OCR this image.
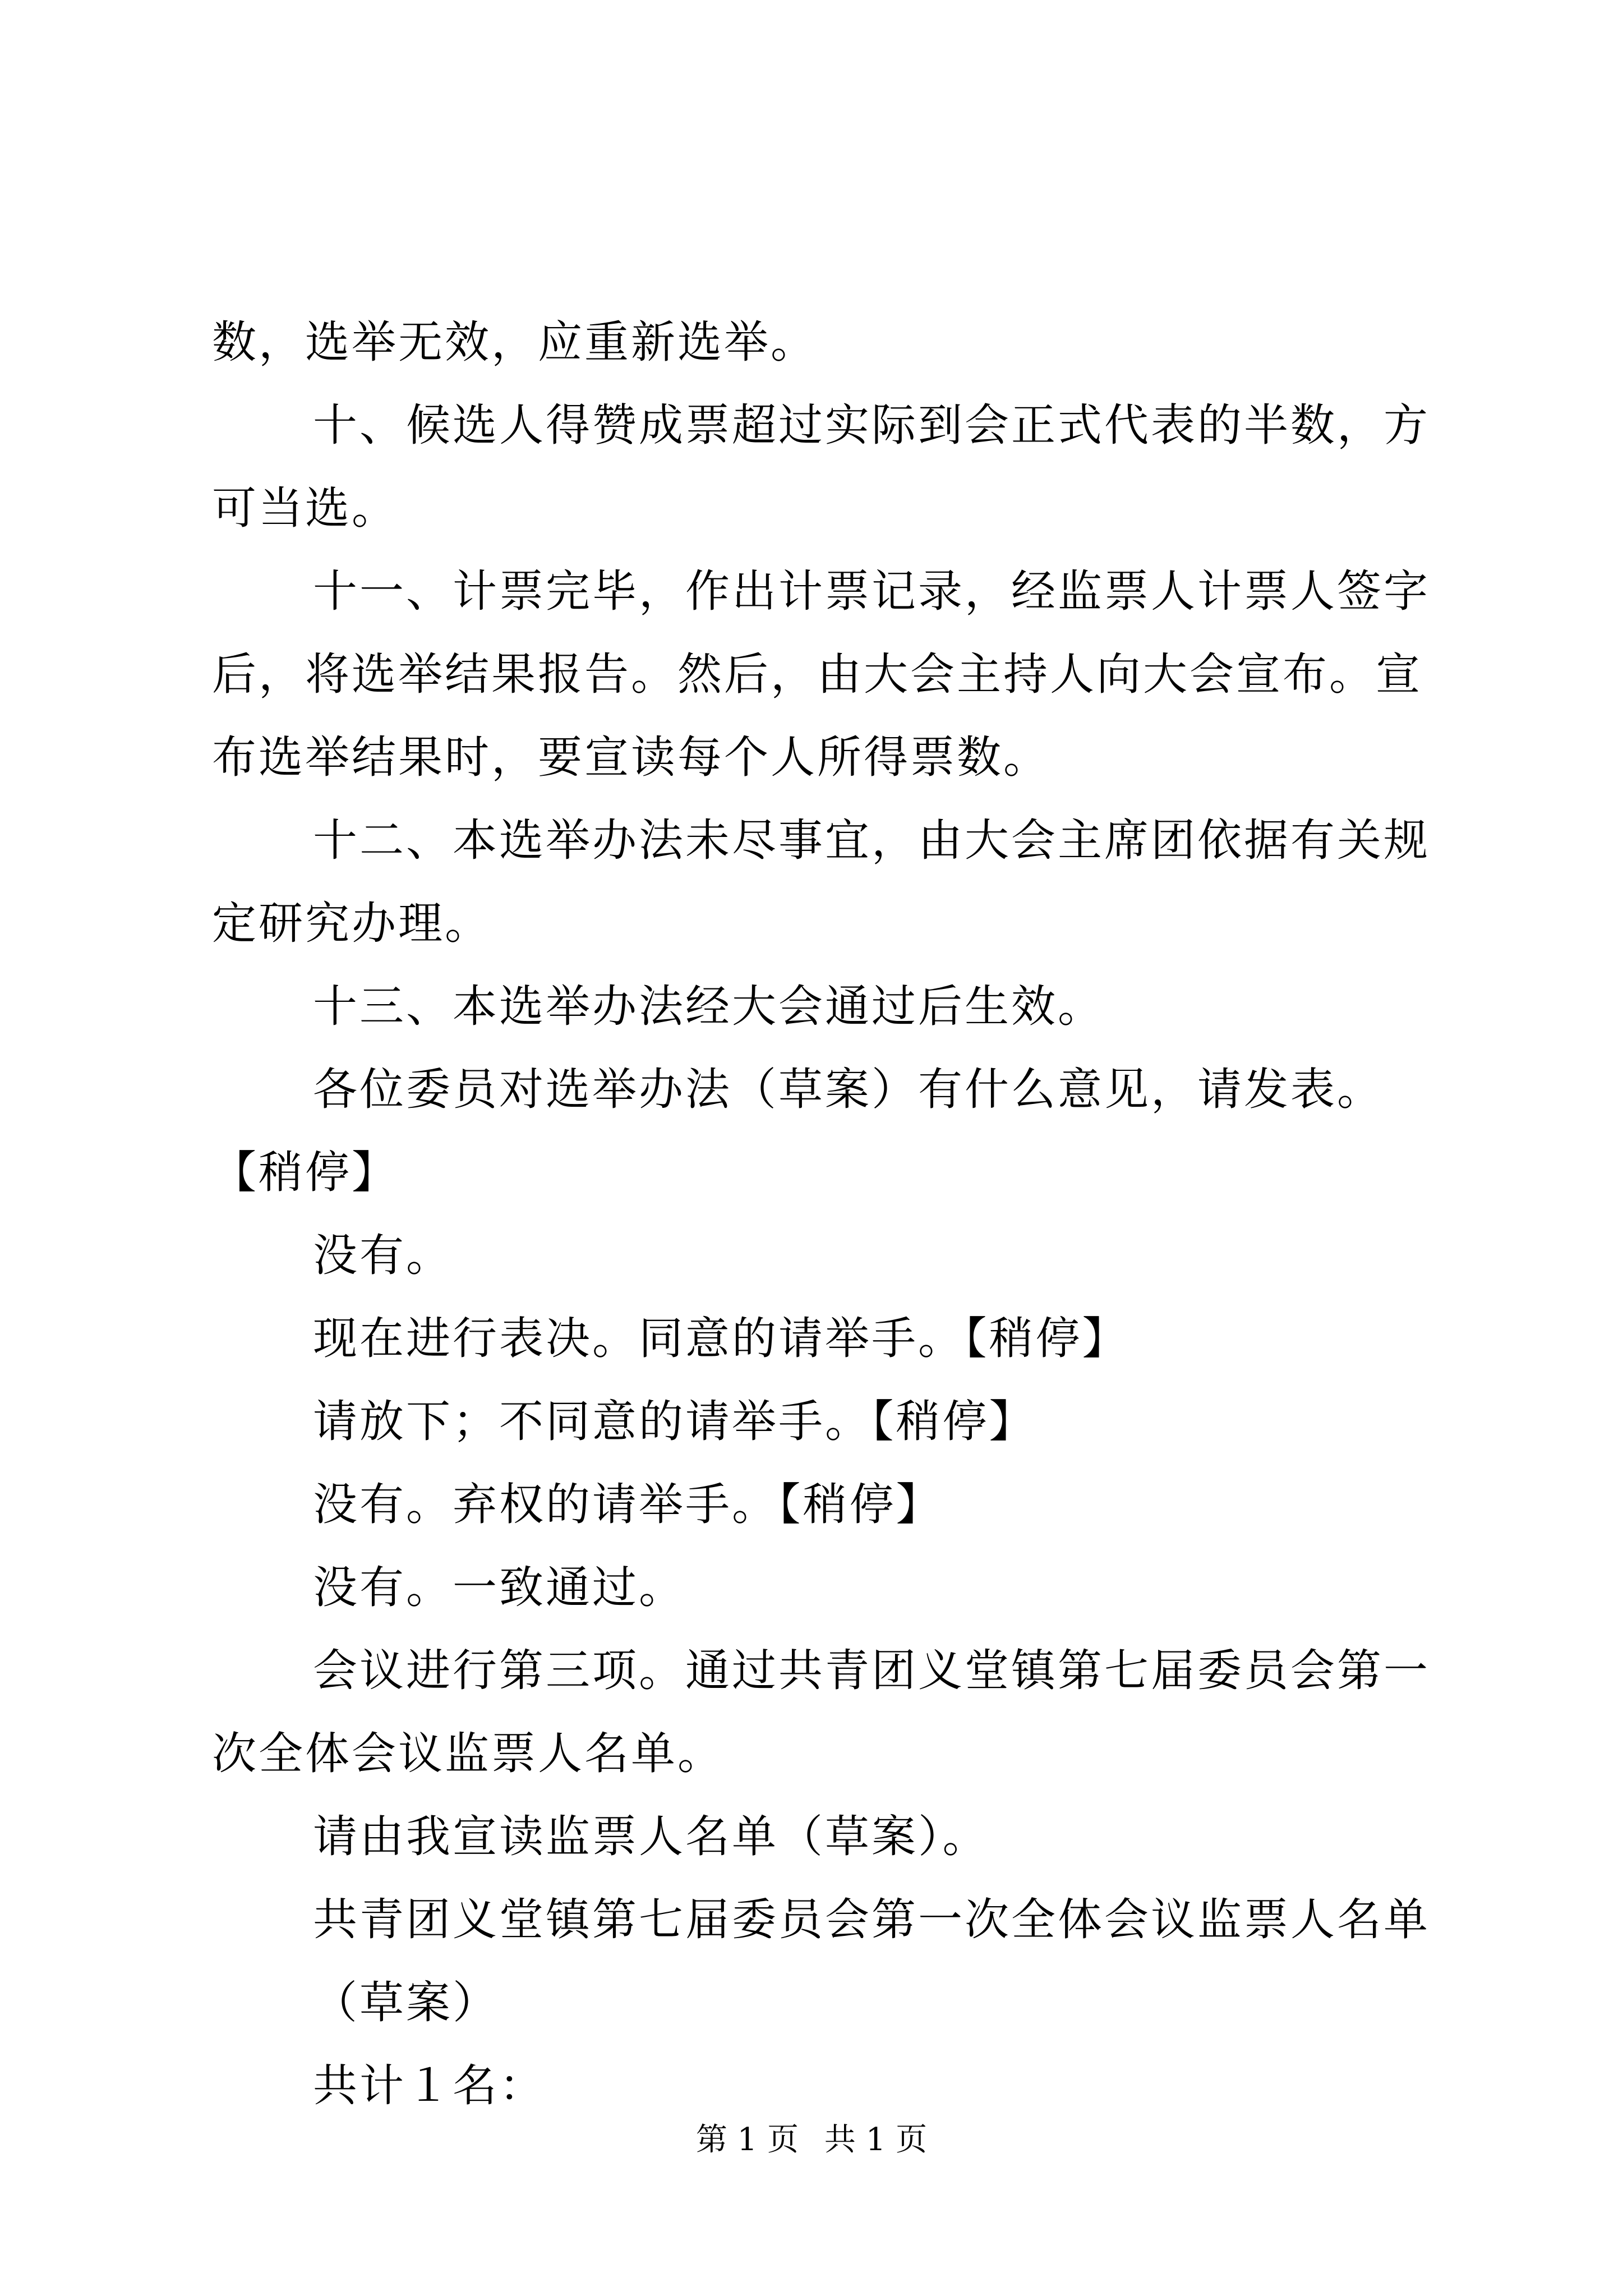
数，选举无效，应重新选举。

十、候选人得赞成票超过实际到会正式代表的半数，方可当选。

十一、计票完毕，作出计票记录，经监票人计票人签字后，将选举结果报告。然后，由大会主持人向大会宣布。宣布选举结果时，要宣读每个人所得票数。

十二、本选举办法未尽事宜，由大会主席团依据有关规定研究办理。

十三、本选举办法经大会通过后生效。

各位委员对选举办法（草案）有什么意见，请发表。【稍停】

没有。

现在进行表决。同意的请举手。【稍停】

请放下；不同意的请举手。【稍停】

没有。弃权的请举手。【稍停】

没有。一致通过。

会议进行第三项。通过共青团义堂镇第七届委员会第一次全体会议监票人名单。

请由我宣读监票人名单（草案）。

共青团义堂镇第七届委员会第一次全体会议监票人名单

（草案）

共计１名：

第 1 页 共 1 页
